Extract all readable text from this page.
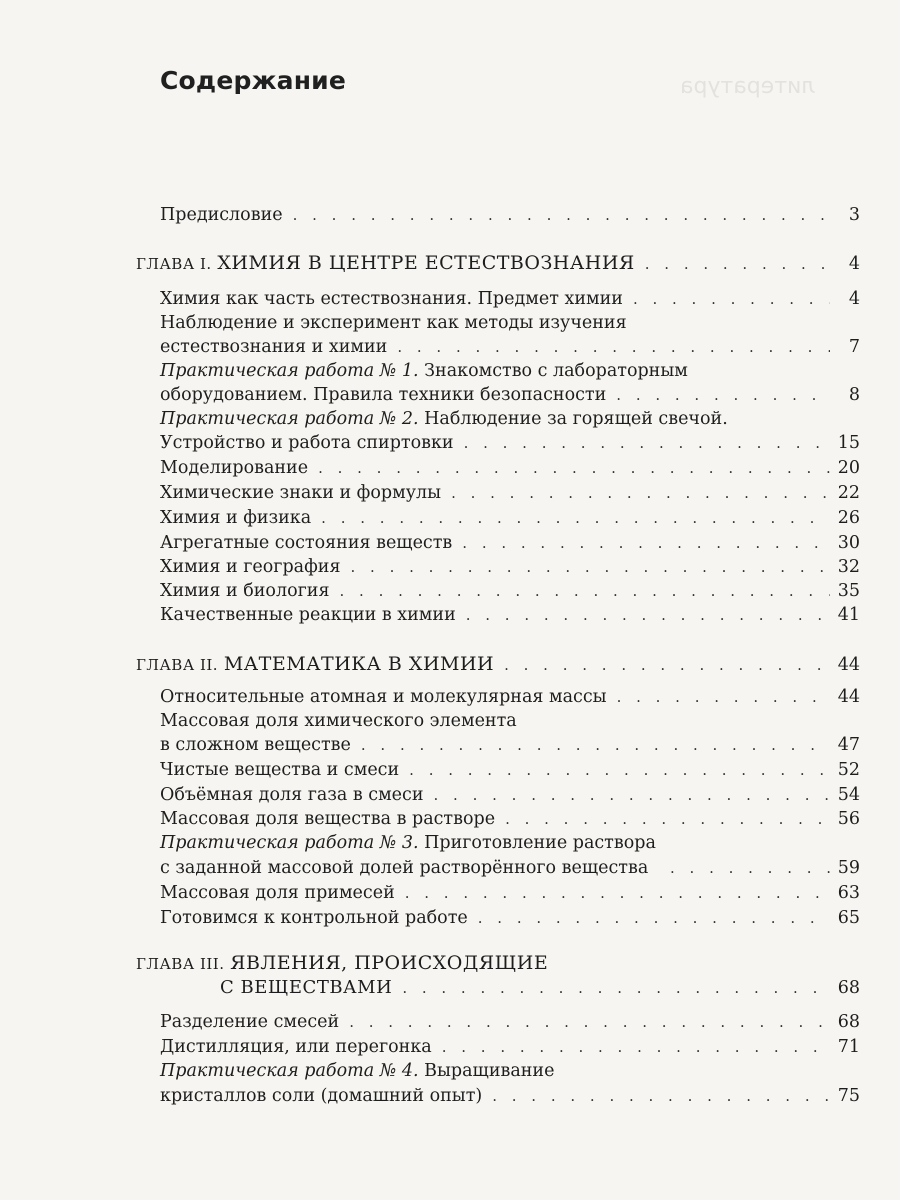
литература
Содержание
Предисловие . . .	3
ГЛАВА I. ХИМИЯ В ЦЕНТРЕ ЕСТЕСТВОЗНАНИЯ . . .	4
Химия как часть естествознания. Предмет химии . . .	4
Наблюдение и эксперимент как методы изучения
естествознания и химии . . .	7
Практическая работа № 1. Знакомство с лабораторным
оборудованием. Правила техники безопасности . . .	8
Практическая работа № 2. Наблюдение за горящей свечой.
Устройство и работа спиртовки . . .	15
Моделирование . . .	20
Химические знаки и формулы . . .	22
Химия и физика . . .	26
Агрегатные состояния веществ . . .	30
Химия и география . . .	32
Химия и биология . . .	35
Качественные реакции в химии . . .	41
ГЛАВА II. МАТЕМАТИКА В ХИМИИ . . .	44
Относительные атомная и молекулярная массы . . .	44
Массовая доля химического элемента
в сложном веществе . . .	47
Чистые вещества и смеси . . .	52
Объёмная доля газа в смеси . . .	54
Массовая доля вещества в растворе . . .	56
Практическая работа № 3. Приготовление раствора
с заданной массовой долей растворённого вещества . . .	59
Массовая доля примесей . . .	63
Готовимся к контрольной работе . . .	65
ГЛАВА III. ЯВЛЕНИЯ, ПРОИСХОДЯЩИЕ
С ВЕЩЕСТВАМИ . . .	68
Разделение смесей . . .	68
Дистилляция, или перегонка . . .	71
Практическая работа № 4. Выращивание
кристаллов соли (домашний опыт) . . .	75
